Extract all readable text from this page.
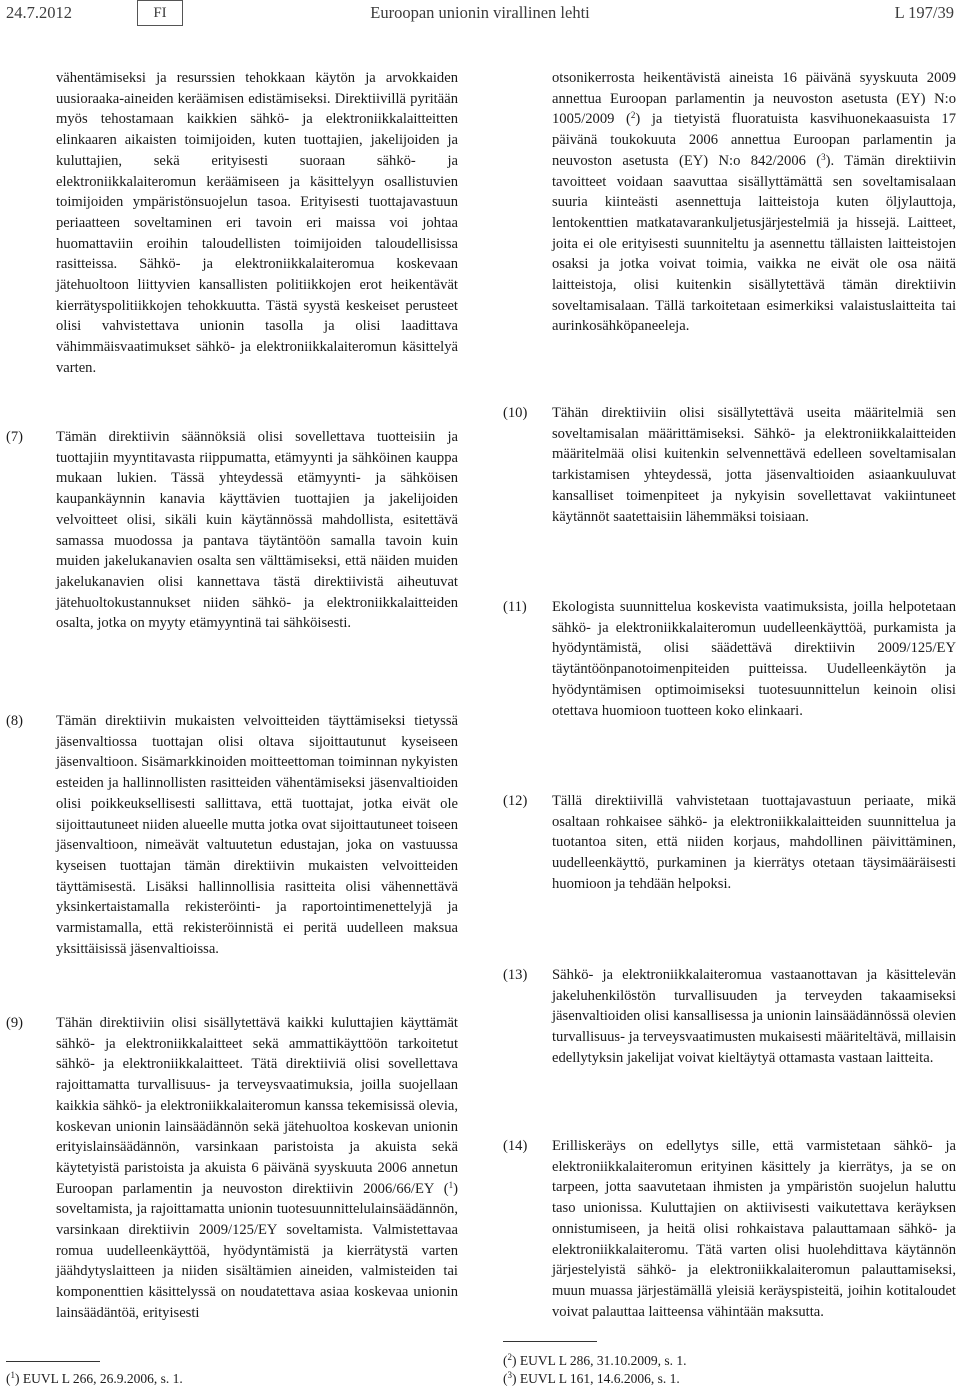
24.7.2012	FI	Euroopan unionin virallinen lehti	L 197/39

vähentämiseksi ja resurssien tehokkaan käytön ja arvokkaiden uusioraaka-aineiden keräämisen edistämiseksi. Direktiivillä pyritään myös tehostamaan kaikkien sähkö- ja elektroniikkalaitteitten elinkaaren aikaisten toimijoiden, kuten tuottajien, jakelijoiden ja kuluttajien, sekä erityisesti suoraan sähkö- ja elektroniikkalaiteromun keräämiseen ja käsittelyyn osallistuvien toimijoiden ympäristönsuojelun tasoa. Erityisesti tuottajavastuun periaatteen soveltaminen eri tavoin eri maissa voi johtaa huomattaviin eroihin taloudellisten toimijoiden taloudellisissa rasitteissa. Sähkö- ja elektroniikkalaiteromua koskevaan jätehuoltoon liittyvien kansallisten politiikkojen erot heikentävät kierrätyspolitiikkojen tehokkuutta. Tästä syystä keskeiset perusteet olisi vahvistettava unionin tasolla ja olisi laadittava vähimmäisvaatimukset sähkö- ja elektroniikkalaiteromun käsittelyä varten.

otsonikerrosta heikentävistä aineista 16 päivänä syyskuuta 2009 annettua Euroopan parlamentin ja neuvoston asetusta (EY) N:o 1005/2009 ($^2$) ja tietyistä fluoratuista kasvihuonekaasuista 17 päivänä toukokuuta 2006 annettua Euroopan parlamentin ja neuvoston asetusta (EY) N:o 842/2006 ($^3$). Tämän direktiivin tavoitteet voidaan saavuttaa sisällyttämättä sen soveltamisalaan suuria kiinteästi asennettuja laitteistoja kuten öljylauttoja, lentokenttien matkatavarankuljetusjärjestelmiä ja hissejä. Laitteet, joita ei ole erityisesti suunniteltu ja asennettu tällaisten laitteistojen osaksi ja jotka voivat toimia, vaikka ne eivät ole osa näitä laitteistoja, olisi kuitenkin sisällytettävä tämän direktiivin soveltamisalaan. Tällä tarkoitetaan esimerkiksi valaistuslaitteita tai aurinkosähköpaneeleja.

(7) Tämän direktiivin säännöksiä olisi sovellettava tuotteisiin ja tuottajiin myyntitavasta riippumatta, etämyynti ja sähköinen kauppa mukaan lukien. Tässä yhteydessä etämyynti- ja sähköisen kaupankäynnin kanavia käyttävien tuottajien ja jakelijoiden velvoitteet olisi, sikäli kuin käytännössä mahdollista, esitettävä samassa muodossa ja pantava täytäntöön samalla tavoin kuin muiden jakelukanavien osalta sen välttämiseksi, että näiden muiden jakelukanavien olisi kannettava tästä direktiivistä aiheutuvat jätehuoltokustannukset niiden sähkö- ja elektroniikkalaitteiden osalta, jotka on myyty etämyyntinä tai sähköisesti.
(8) Tämän direktiivin mukaisten velvoitteiden täyttämiseksi tietyssä jäsenvaltiossa tuottajan olisi oltava sijoittautunut kyseiseen jäsenvaltioon. Sisämarkkinoiden moitteettoman toiminnan nykyisten esteiden ja hallinnollisten rasitteiden vähentämiseksi jäsenvaltioiden olisi poikkeuksellisesti sallittava, että tuottajat, jotka eivät ole sijoittautuneet niiden alueelle mutta jotka ovat sijoittautuneet toiseen jäsenvaltioon, nimeävät valtuutetun edustajan, joka on vastuussa kyseisen tuottajan tämän direktiivin mukaisten velvoitteiden täyttämisestä. Lisäksi hallinnollisia rasitteita olisi vähennettävä yksinkertaistamalla rekisteröinti- ja raportointimenettelyjä ja varmistamalla, että rekisteröinnistä ei peritä uudelleen maksua yksittäisissä jäsenvaltioissa.
(9) Tähän direktiiviin olisi sisällytettävä kaikki kuluttajien käyttämät sähkö- ja elektroniikkalaitteet sekä ammattikäyttöön tarkoitetut sähkö- ja elektroniikkalaitteet. Tätä direktiiviä olisi sovellettava rajoittamatta turvallisuus- ja terveysvaatimuksia, joilla suojellaan kaikkia sähkö- ja elektroniikkalaiteromun kanssa tekemisissä olevia, koskevan unionin lainsäädännön sekä jätehuoltoa koskevan unionin erityislainsäädännön, varsinkaan paristoista ja akuista sekä käytetyistä paristoista ja akuista 6 päivänä syyskuuta 2006 annetun Euroopan parlamentin ja neuvoston direktiivin 2006/66/EY ($^1$) soveltamista, ja rajoittamatta unionin tuotesuunnittelulainsäädännön, varsinkaan direktiivin 2009/125/EY soveltamista. Valmistettavaa romua uudelleenkäyttöä, hyödyntämistä ja kierrätystä varten jäähdytyslaitteen ja niiden sisältämien aineiden, valmisteiden tai komponenttien käsittelyssä on noudatettava asiaa koskevaa unionin lainsäädäntöä, erityisesti
(10) Tähän direktiiviin olisi sisällytettävä useita määritelmiä sen soveltamisalan määrittämiseksi. Sähkö- ja elektroniikkalaitteiden määritelmää olisi kuitenkin selvennettävä edelleen soveltamisalan tarkistamisen yhteydessä, jotta jäsenvaltioiden asiaankuuluvat kansalliset toimenpiteet ja nykyisin sovellettavat vakiintuneet käytännöt saatettaisiin lähemmäksi toisiaan.
(11) Ekologista suunnittelua koskevista vaatimuksista, joilla helpotetaan sähkö- ja elektroniikkalaiteromun uudelleenkäyttöä, purkamista ja hyödyntämistä, olisi säädettävä direktiivin 2009/125/EY täytäntöönpanotoimenpiteiden puitteissa. Uudelleenkäytön ja hyödyntämisen optimoimiseksi tuotesuunnittelun keinoin olisi otettava huomioon tuotteen koko elinkaari.
(12) Tällä direktiivillä vahvistetaan tuottajavastuun periaate, mikä osaltaan rohkaisee sähkö- ja elektroniikkalaitteiden suunnittelua ja tuotantoa siten, että niiden korjaus, mahdollinen päivittäminen, uudelleenkäyttö, purkaminen ja kierrätys otetaan täysimääräisesti huomioon ja tehdään helpoksi.
(13) Sähkö- ja elektroniikkalaiteromua vastaanottavan ja käsittelevän jakeluhenkilöstön turvallisuuden ja terveyden takaamiseksi jäsenvaltioiden olisi kansallisessa ja unionin lainsäädännössä olevien turvallisuus- ja terveysvaatimusten mukaisesti määriteltävä, millaisin edellytyksin jakelijat voivat kieltäytyä ottamasta vastaan laitteita.
(14) Erilliskeräys on edellytys sille, että varmistetaan sähkö- ja elektroniikkalaiteromun erityinen käsittely ja kierrätys, ja se on tarpeen, jotta saavutetaan ihmisten ja ympäristön suojelun haluttu taso unionissa. Kuluttajien on aktiivisesti vaikutettava keräyksen onnistumiseen, ja heitä olisi rohkaistava palauttamaan sähkö- ja elektroniikkalaiteromu. Tätä varten olisi huolehdittava käytännön järjestelyistä sähkö- ja elektroniikkalaiteromun palauttamiseksi, muun muassa järjestämällä yleisiä keräyspisteitä, joihin kotitaloudet voivat palauttaa laitteensa vähintään maksutta.
($^1$) EUVL L 266, 26.9.2006, s. 1.
($^2$) EUVL L 286, 31.10.2009, s. 1.
($^3$) EUVL L 161, 14.6.2006, s. 1.
